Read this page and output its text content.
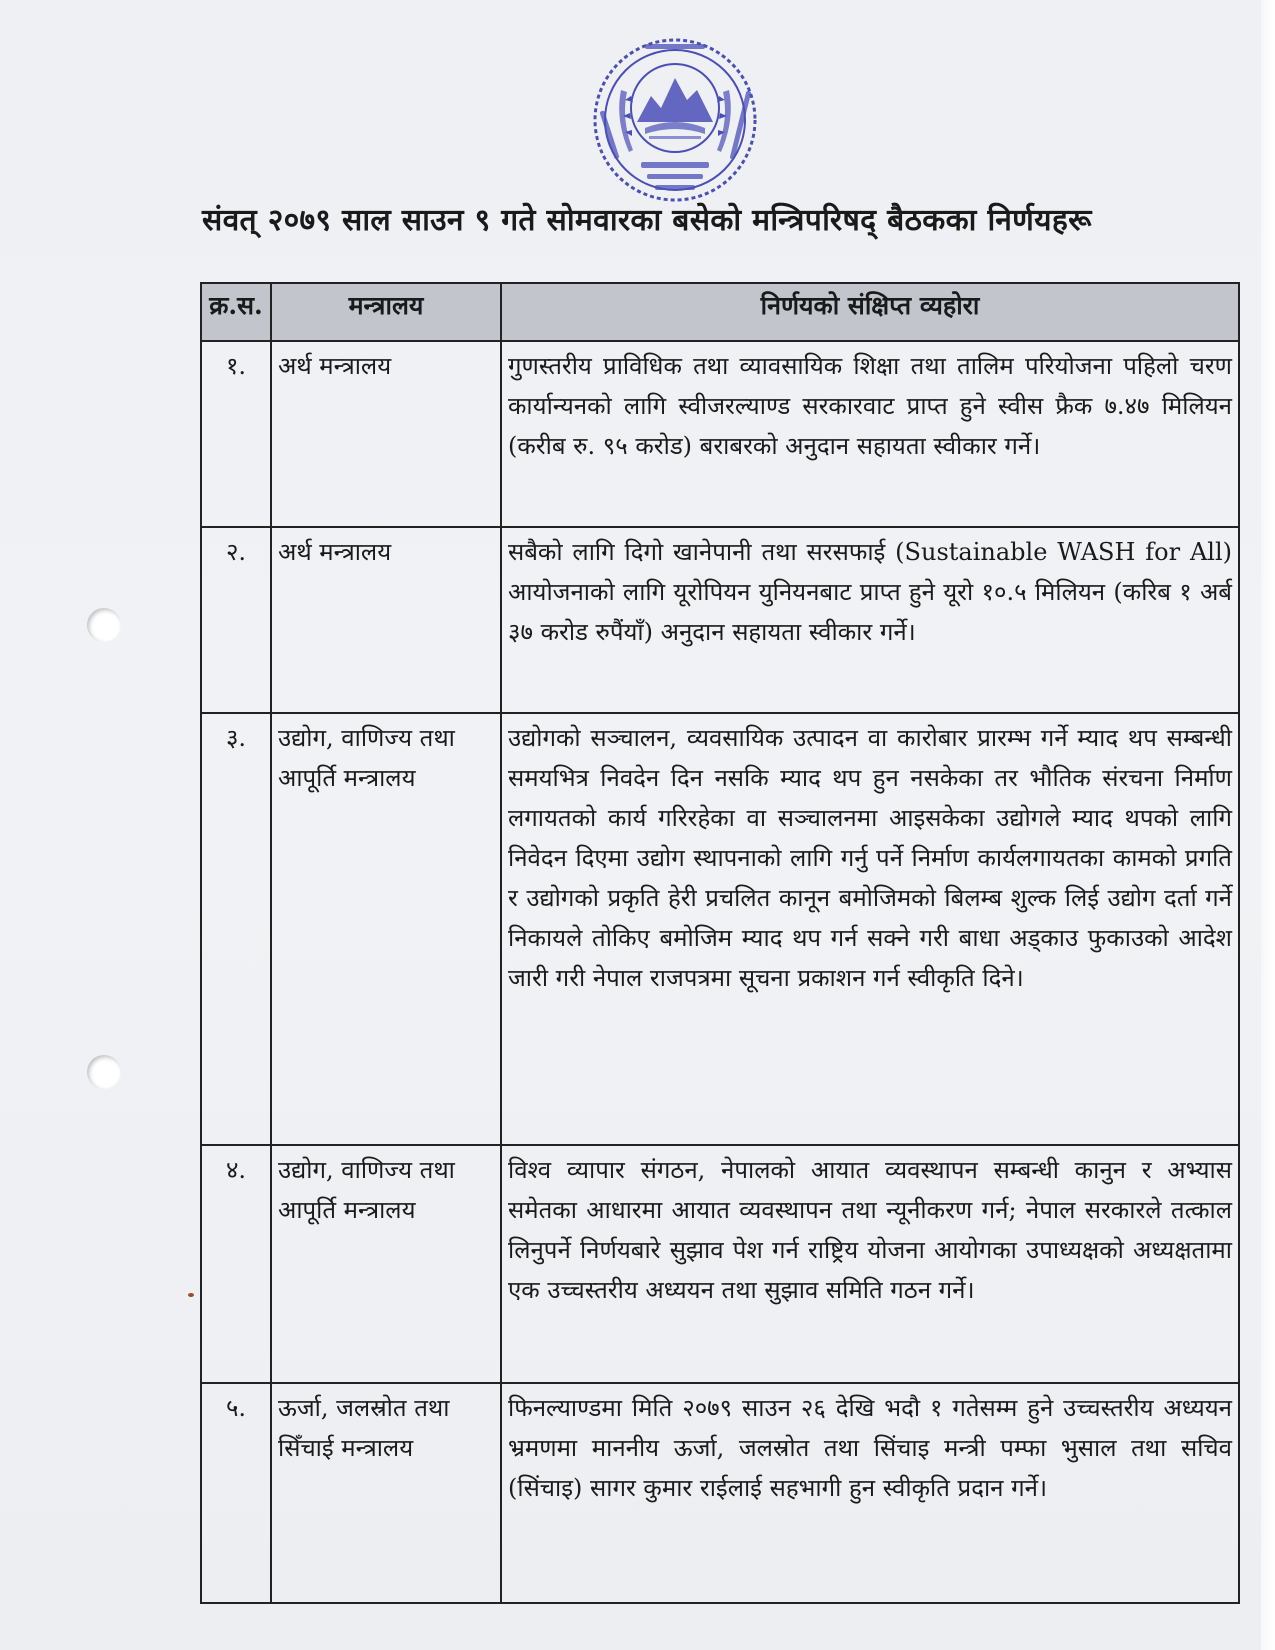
संवत् २०७९ साल साउन ९ गते सोमवारका बसेको मन्त्रिपरिषद् बैठकका निर्णयहरू
क्र.स.	मन्त्रालय	निर्णयको संक्षिप्त व्यहोरा
१.	अर्थ मन्त्रालय	गुणस्तरीय प्राविधिक तथा व्यावसायिक शिक्षा तथा तालिम परियोजना पहिलो चरण कार्यान्यनको लागि स्वीजरल्याण्ड सरकारवाट प्राप्त हुने स्वीस फ्रैक ७.४७ मिलियन (करीब रु. ९५ करोड) बराबरको अनुदान सहायता स्वीकार गर्ने।
२.	अर्थ मन्त्रालय	सबैको लागि दिगो खानेपानी तथा सरसफाई (Sustainable WASH for All) आयोजनाको लागि यूरोपियन युनियनबाट प्राप्त हुने यूरो १०.५ मिलियन (करिब १ अर्ब ३७ करोड रुपैंयाँ) अनुदान सहायता स्वीकार गर्ने।
३.	उद्योग, वाणिज्य तथा आपूर्ति मन्त्रालय	उद्योगको सञ्चालन, व्यवसायिक उत्पादन वा कारोबार प्रारम्भ गर्ने म्याद थप सम्बन्धी समयभित्र निवदेन दिन नसकि म्याद थप हुन नसकेका तर भौतिक संरचना निर्माण लगायतको कार्य गरिरहेका वा सञ्चालनमा आइसकेका उद्योगले म्याद थपको लागि निवेदन दिएमा उद्योग स्थापनाको लागि गर्नु पर्ने निर्माण कार्यलगायतका कामको प्रगति र उद्योगको प्रकृति हेरी प्रचलित कानून बमोजिमको बिलम्ब शुल्क लिई उद्योग दर्ता गर्ने निकायले तोकिए बमोजिम म्याद थप गर्न सक्ने गरी बाधा अड्काउ फुकाउको आदेश जारी गरी नेपाल राजपत्रमा सूचना प्रकाशन गर्न स्वीकृति दिने।
४.	उद्योग, वाणिज्य तथा आपूर्ति मन्त्रालय	विश्व व्यापार संगठन, नेपालको आयात व्यवस्थापन सम्बन्धी कानुन र अभ्यास समेतका आधारमा आयात व्यवस्थापन तथा न्यूनीकरण गर्न; नेपाल सरकारले तत्काल लिनुपर्ने निर्णयबारे सुझाव पेश गर्न राष्ट्रिय योजना आयोगका उपाध्यक्षको अध्यक्षतामा एक उच्चस्तरीय अध्ययन तथा सुझाव समिति गठन गर्ने।
५.	ऊर्जा, जलस्रोत तथा सिँचाई मन्त्रालय	फिनल्याण्डमा मिति २०७९ साउन २६ देखि भदौ १ गतेसम्म हुने उच्चस्तरीय अध्ययन भ्रमणमा माननीय ऊर्जा, जलस्रोत तथा सिंचाइ मन्त्री पम्फा भुसाल तथा सचिव (सिंचाइ) सागर कुमार राईलाई सहभागी हुन स्वीकृति प्रदान गर्ने।
